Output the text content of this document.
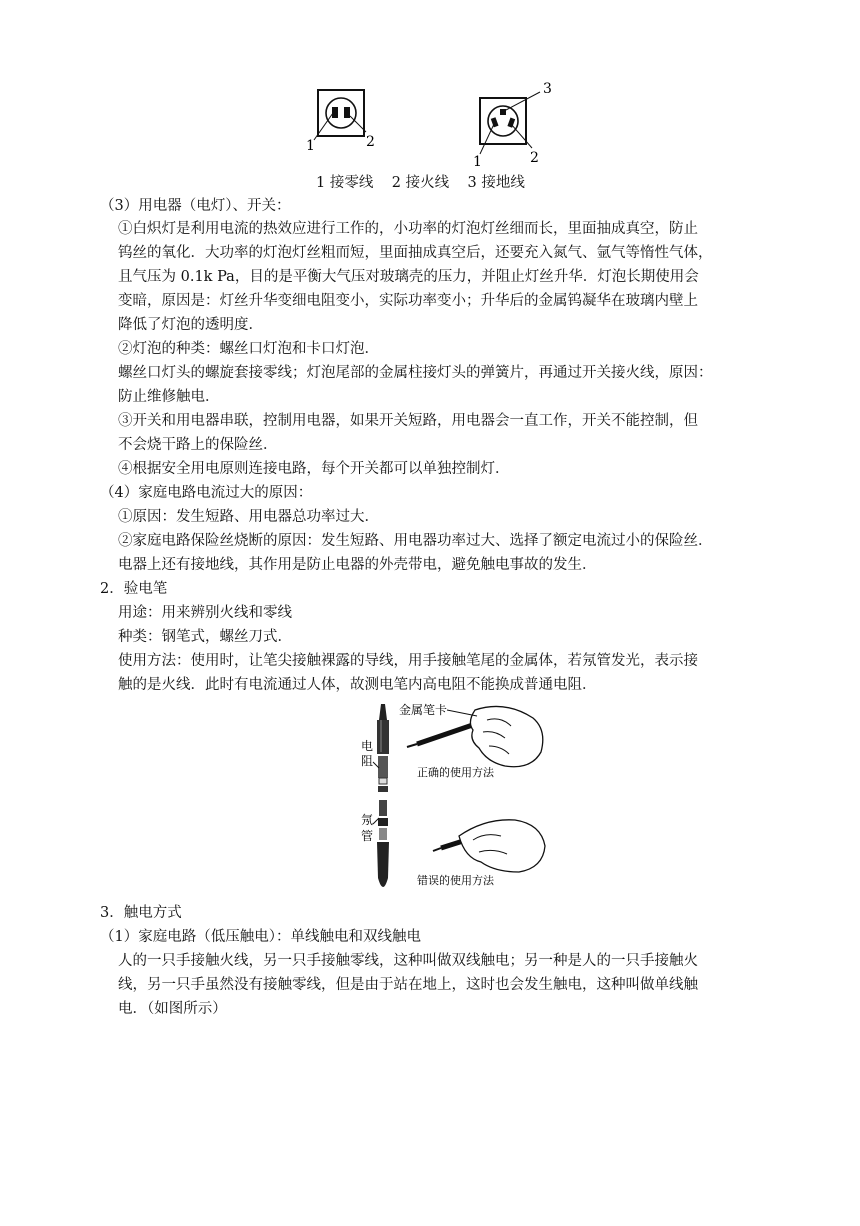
1	2
3
1	2
1 接零线    2 接火线    3 接地线
（3）用电器（电灯）、开关：
①白炽灯是利用电流的热效应进行工作的，小功率的灯泡灯丝细而长，里面抽成真空，防止
钨丝的氧化．大功率的灯泡灯丝粗而短，里面抽成真空后，还要充入氮气、氩气等惰性气体，
且气压为 0.1k Pa，目的是平衡大气压对玻璃壳的压力，并阻止灯丝升华．灯泡长期使用会
变暗，原因是：灯丝升华变细电阻变小，实际功率变小；升华后的金属钨凝华在玻璃内壁上
降低了灯泡的透明度．
②灯泡的种类：螺丝口灯泡和卡口灯泡．
螺丝口灯头的螺旋套接零线；灯泡尾部的金属柱接灯头的弹簧片，再通过开关接火线，原因：
防止维修触电．
③开关和用电器串联，控制用电器，如果开关短路，用电器会一直工作，开关不能控制，但
不会烧干路上的保险丝．
④根据安全用电原则连接电路，每个开关都可以单独控制灯．
（4）家庭电路电流过大的原因：
①原因：发生短路、用电器总功率过大．
②家庭电路保险丝烧断的原因：发生短路、用电器功率过大、选择了额定电流过小的保险丝．
电器上还有接地线，其作用是防止电器的外壳带电，避免触电事故的发生．
2．验电笔
用途：用来辨别火线和零线
种类：钢笔式，螺丝刀式．
使用方法：使用时，让笔尖接触裸露的导线，用手接触笔尾的金属体，若氖管发光，表示接
触的是火线．此时有电流通过人体，故测电笔内高电阻不能换成普通电阻．
电
阻
氖
管
金属笔卡
正确的使用方法
错误的使用方法
3．触电方式
（1）家庭电路（低压触电）：单线触电和双线触电
人的一只手接触火线，另一只手接触零线，这种叫做双线触电；另一种是人的一只手接触火
线，另一只手虽然没有接触零线，但是由于站在地上，这时也会发生触电，这种叫做单线触
电．（如图所示）
